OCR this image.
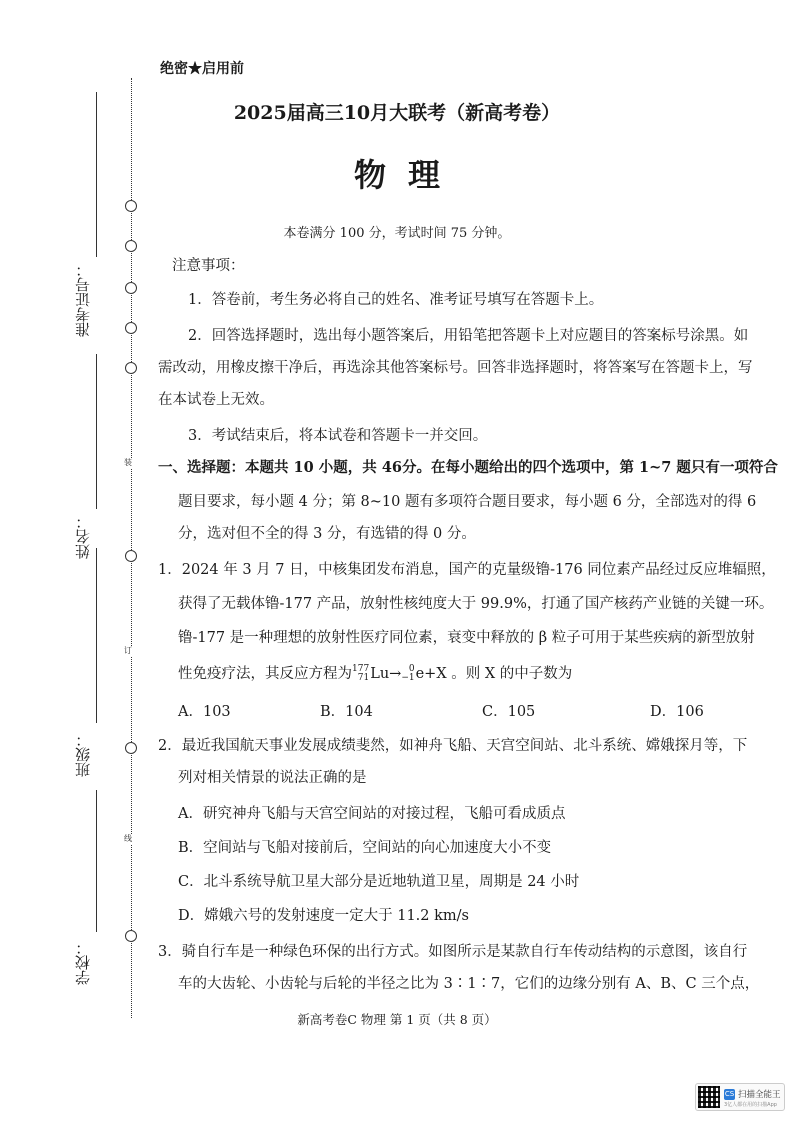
准考证号：
姓名：
班级：
学校：
装
订
线
绝密★启用前
2025届高三10月大联考（新高考卷）
物理
本卷满分 100 分，考试时间 75 分钟。
注意事项：
1．答卷前，考生务必将自己的姓名、准考证号填写在答题卡上。
2．回答选择题时，选出每小题答案后，用铅笔把答题卡上对应题目的答案标号涂黑。如
需改动，用橡皮擦干净后，再选涂其他答案标号。回答非选择题时，将答案写在答题卡上，写
在本试卷上无效。
3．考试结束后，将本试卷和答题卡一并交回。
一、选择题：本题共 10 小题，共 46分。在每小题给出的四个选项中，第 1~7 题只有一项符合
题目要求，每小题 4 分；第 8~10 题有多项符合题目要求，每小题 6 分，全部选对的得 6
分，选对但不全的得 3 分，有选错的得 0 分。
1．2024 年 3 月 7 日，中核集团发布消息，国产的克量级镥-176 同位素产品经过反应堆辐照，
获得了无载体镥-177 产品，放射性核纯度大于 99.9%，打通了国产核药产业链的关键一环。
镥-177 是一种理想的放射性医疗同位素，衰变中释放的 β 粒子可用于某些疾病的新型放射
性免疫疗法，其反应方程为 177
71 Lu→ 0
−1 e+X 。则 X 的中子数为
A．103	B．104	C．105	D．106
2．最近我国航天事业发展成绩斐然，如神舟飞船、天宫空间站、北斗系统、嫦娥探月等，下
列对相关情景的说法正确的是
A．研究神舟飞船与天宫空间站的对接过程，飞船可看成质点
B．空间站与飞船对接前后，空间站的向心加速度大小不变
C．北斗系统导航卫星大部分是近地轨道卫星，周期是 24 小时
D．嫦娥六号的发射速度一定大于 11.2 km/s
3．骑自行车是一种绿色环保的出行方式。如图所示是某款自行车传动结构的示意图，该自行
车的大齿轮、小齿轮与后轮的半径之比为 3∶1∶7，它们的边缘分别有 A、B、C 三个点，
新高考卷C 物理 第 1 页（共 8 页）
CS 扫描全能王
3亿人都在用的扫描App
